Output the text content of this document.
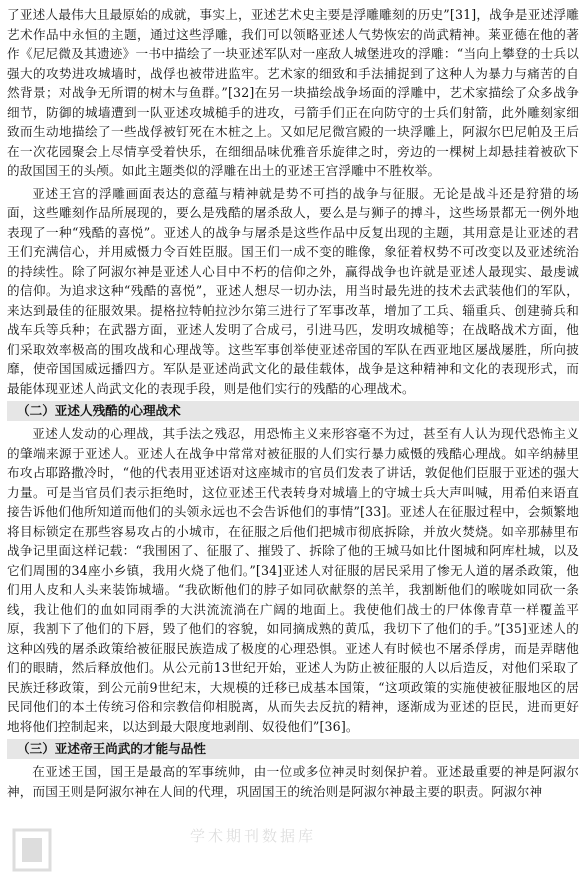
了亚述人最伟大且最原始的成就，事实上，亚述艺术史主要是浮雕雕刻的历史”[31]，战争是亚述浮雕艺术作品中永恒的主题，通过这些浮雕，我们可以领略亚述人气势恢宏的尚武精神。莱亚德在他的著作《尼尼微及其遗迹》一书中描绘了一块亚述军队对一座敌人城堡进攻的浮雕：“当向上攀登的士兵以强大的攻势进攻城墙时，战俘也被带进监牢。艺术家的细致和手法捕捉到了这种人为暴力与痛苦的自然背景；对战争无所谓的树木与鱼群。”[32]在另一块描绘战争场面的浮雕中，艺术家描绘了众多战争细节，防御的城墙遭到一队亚述攻城槌手的进攻，弓箭手们正在向防守的士兵们射箭，此外雕刻家细致而生动地描绘了一些战俘被钉死在木桩之上。又如尼尼微宫殿的一块浮雕上，阿淑尔巴尼帕及王后在一次花园聚会上尽情享受着快乐，在细细品味优雅音乐旋律之时，旁边的一棵树上却悬挂着被砍下的敌国国王的头颅。如此主题类似的浮雕在出土的亚述王宫浮雕中不胜枚举。

亚述王宫的浮雕画面表达的意蕴与精神就是势不可挡的战争与征服。无论是战斗还是狩猎的场面，这些雕刻作品所展现的，要么是残酷的屠杀敌人，要么是与狮子的搏斗，这些场景都无一例外地表现了一种“残酷的喜悦”。亚述人的战争与屠杀是这些作品中反复出现的主题，其用意是让亚述的君王们充满信心，并用威慑力令百姓臣服。国王们一成不变的睢像，象征着权势不可改变以及亚述统治的持续性。除了阿淑尔神是亚述人心目中不朽的信仰之外，赢得战争也许就是亚述人最现实、最虔诚的信仰。为追求这种“残酷的喜悦”，亚述人想尽一切办法，用当时最先进的技术去武装他们的军队，来达到最佳的征服效果。提格拉特帕拉沙尔第三进行了军事改革，增加了工兵、辎重兵、创建骑兵和战车兵等兵种；在武器方面，亚述人发明了合成弓，引进马匹，发明攻城槌等；在战略战术方面，他们采取效率极高的围攻战和心理战等。这些军事创举使亚述帝国的军队在西亚地区屡战屡胜，所向披靡，使帝国国威远播四方。军队是亚述尚武文化的最佳载体，战争是这种精神和文化的表现形式，而最能体现亚述人尚武文化的表现手段，则是他们实行的残酷的心理战术。

（二）亚述人残酷的心理战术

亚述人发动的心理战，其手法之残忍，用恐怖主义来形容毫不为过，甚至有人认为现代恐怖主义的肇端来源于亚述人。亚述人在战争中常常对被征服的人们实行暴力威慑的残酷心理战。如辛纳赫里布攻占耶路撒冷时，“他的代表用亚述语对这座城市的官员们发表了讲话，敦促他们臣服于亚述的强大力量。可是当官员们表示拒绝时，这位亚述王代表转身对城墙上的守城士兵大声叫喊，用希伯来语直接告诉他们他所知道而他们的头领永远也不会告诉他们的事情”[33]。亚述人在征服过程中，会频繁地将目标锁定在那些容易攻占的小城市，在征服之后他们把城市彻底拆除，并放火焚烧。如辛那赫里布战争记里面这样记载：“我围困了、征服了、摧毁了、拆除了他的王城马如比什图城和阿库杜城，以及它们周围的34座小乡镇，我用火烧了他们。”[34]亚述人对征服的居民采用了惨无人道的屠杀政策，他们用人皮和人头来装饰城墙。“我砍断他们的脖子如同砍献祭的羔羊，我割断他们的喉咙如同砍一条线，我让他们的血如同雨季的大洪流流淌在广阔的地面上。我使他们战士的尸体像青草一样覆盖平原，我割下了他们的下唇，毁了他们的容貌，如同摘成熟的黄瓜，我切下了他们的手。”[35]亚述人的这种凶残的屠杀政策给被征服民族造成了极度的心理恐惧。亚述人有时候也不屠杀俘虏，而是弄瞎他们的眼睛，然后释放他们。从公元前13世纪开始，亚述人为防止被征服的人以后造反，对他们采取了民族迁移政策，到公元前9世纪末，大规模的迁移已成基本国策，“这项政策的实施使被征服地区的居民同他们的本土传统习俗和宗教信仰相脱离，从而失去反抗的精神，逐渐成为亚述的臣民，进而更好地将他们控制起来，以达到最大限度地剥削、奴役他们”[36]。

（三）亚述帝王尚武的才能与品性

在亚述王国，国王是最高的军事统帅，由一位或多位神灵时刻保护着。亚述最重要的神是阿淑尔神，而国王则是阿淑尔神在人间的代理，巩固国王的统治则是阿淑尔神最主要的职责。阿淑尔神

学术期刊数据库
